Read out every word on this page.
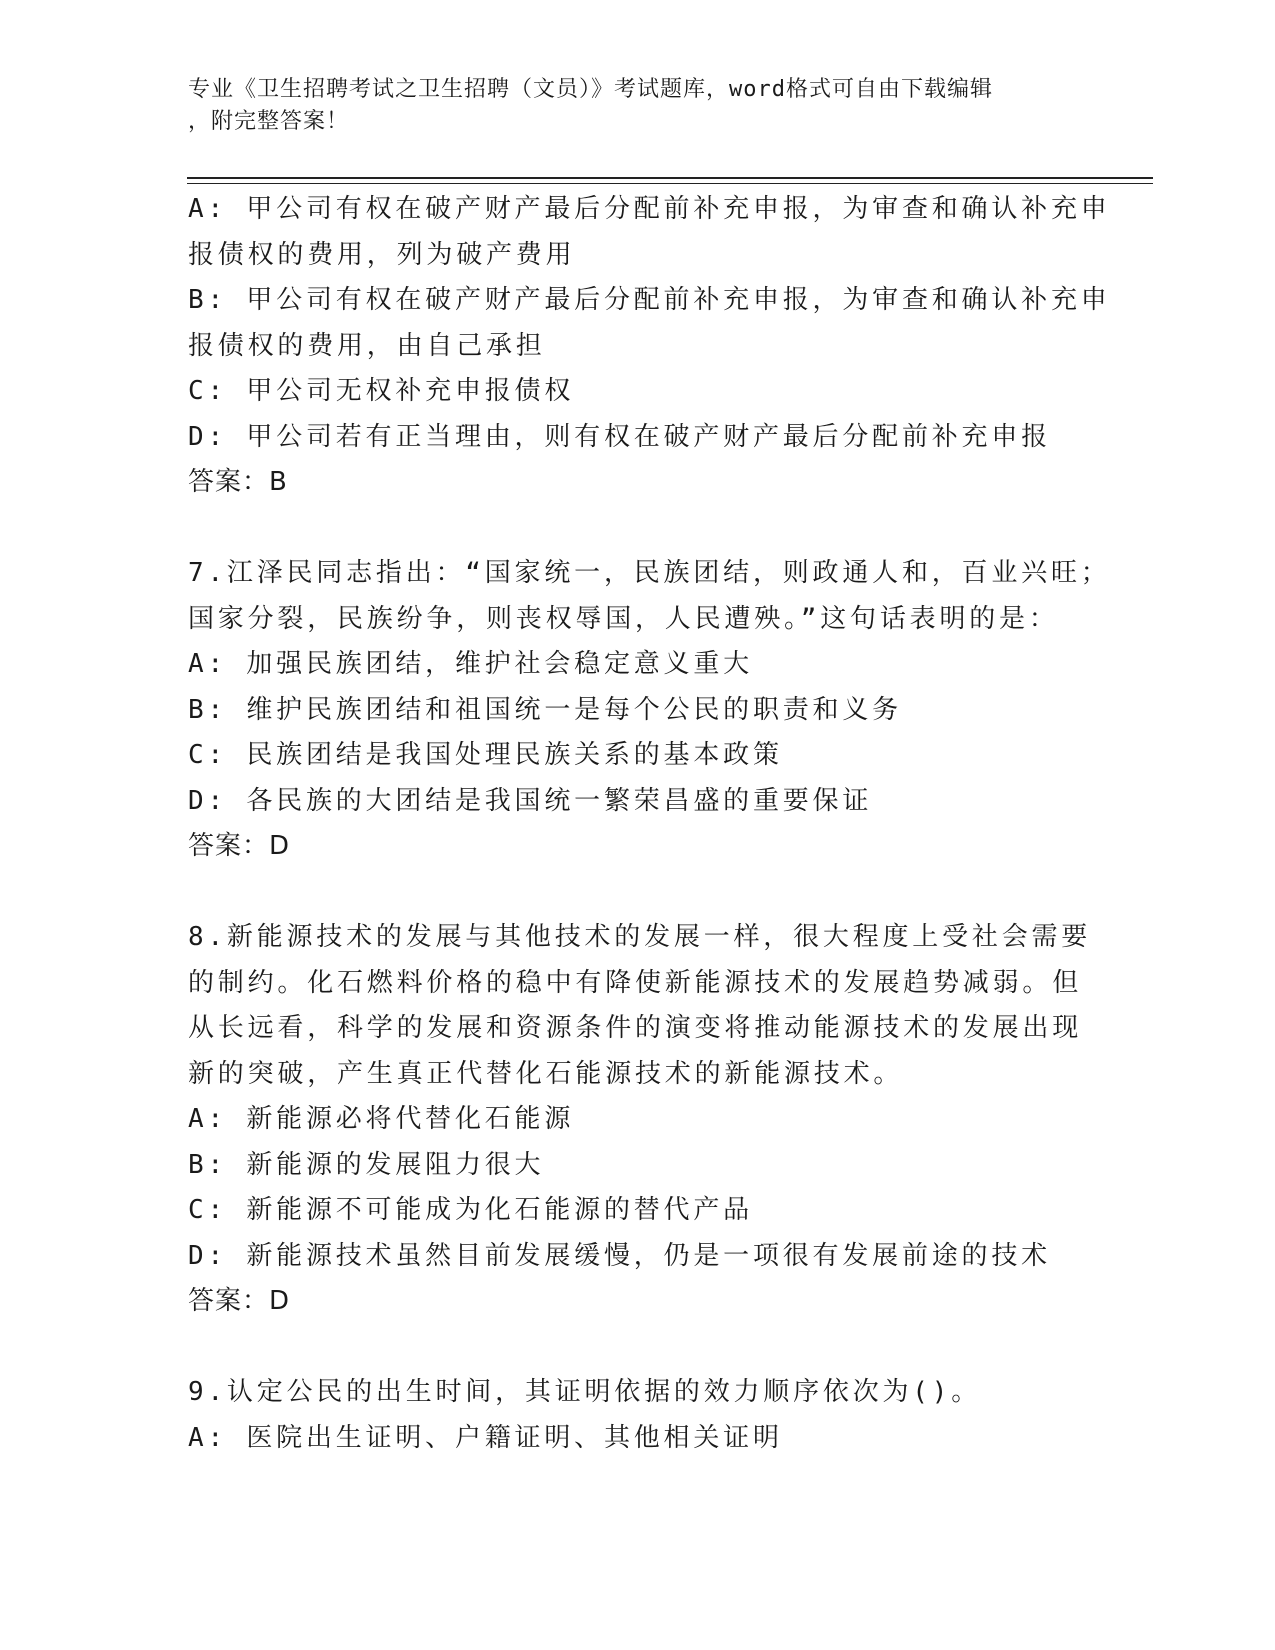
专业《卫生招聘考试之卫生招聘（文员）》考试题库，word格式可自由下载编辑
，附完整答案！
A: 甲公司有权在破产财产最后分配前补充申报，为审查和确认补充申
报债权的费用，列为破产费用
B: 甲公司有权在破产财产最后分配前补充申报，为审查和确认补充申
报债权的费用，由自己承担
C: 甲公司无权补充申报债权
D: 甲公司若有正当理由，则有权在破产财产最后分配前补充申报
答案：B
7.江泽民同志指出：“国家统一，民族团结，则政通人和，百业兴旺；
国家分裂，民族纷争，则丧权辱国，人民遭殃。”这句话表明的是：
A: 加强民族团结，维护社会稳定意义重大
B: 维护民族团结和祖国统一是每个公民的职责和义务
C: 民族团结是我国处理民族关系的基本政策
D: 各民族的大团结是我国统一繁荣昌盛的重要保证
答案：D
8.新能源技术的发展与其他技术的发展一样，很大程度上受社会需要
的制约。化石燃料价格的稳中有降使新能源技术的发展趋势减弱。但
从长远看，科学的发展和资源条件的演变将推动能源技术的发展出现
新的突破，产生真正代替化石能源技术的新能源技术。
A: 新能源必将代替化石能源
B: 新能源的发展阻力很大
C: 新能源不可能成为化石能源的替代产品
D: 新能源技术虽然目前发展缓慢，仍是一项很有发展前途的技术
答案：D
9.认定公民的出生时间，其证明依据的效力顺序依次为()。
A: 医院出生证明、户籍证明、其他相关证明
